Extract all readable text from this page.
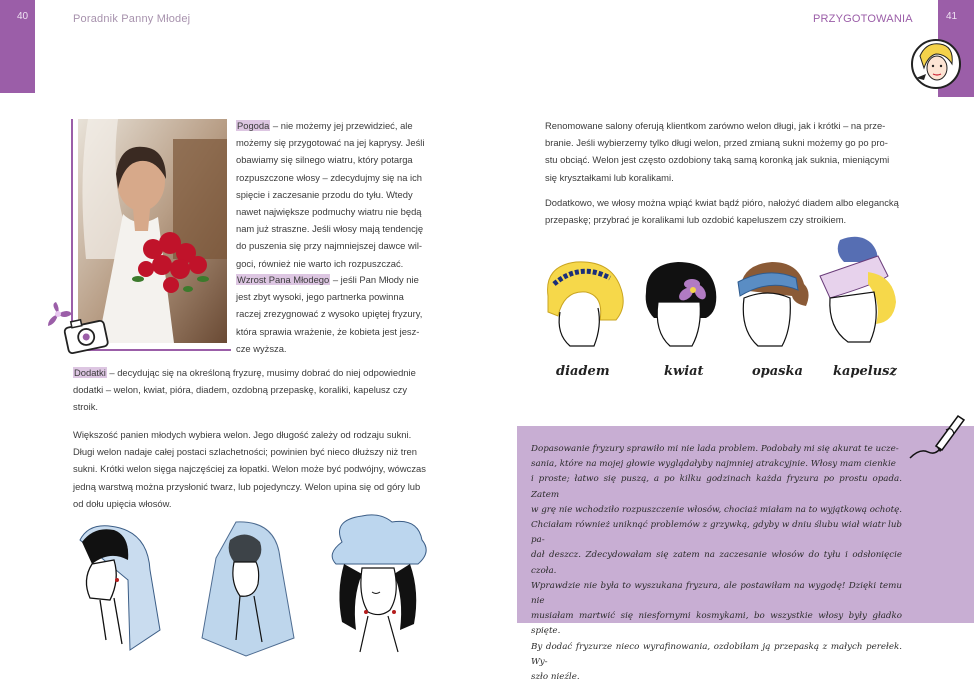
40	Poradnik Panny Młodej	PRZYGOTOWANIA	41
Pogoda – nie możemy jej przewidzieć, ale
możemy się przygotować na jej kaprysy. Jeśli
obawiamy się silnego wiatru, który potarga
rozpuszczone włosy – zdecydujmy się na ich
spięcie i zaczesanie przodu do tyłu. Wtedy
nawet największe podmuchy wiatru nie będą
nam już straszne. Jeśli włosy mają tendencję
do puszenia się przy najmniejszej dawce wil-
goci, również nie warto ich rozpuszczać.
Wzrost Pana Młodego – jeśli Pan Młody nie
jest zbyt wysoki, jego partnerka powinna
raczej zrezygnować z wysoko upiętej fryzury,
która sprawia wrażenie, że kobieta jest jesz-
cze wyższa.
Dodatki – decydując się na określoną fryzurę, musimy dobrać do niej odpowiednie
dodatki – welon, kwiat, pióra, diadem, ozdobną przepaskę, koraliki, kapelusz czy
stroik.
Większość panien młodych wybiera welon. Jego długość zależy od rodzaju sukni.
Długi welon nadaje całej postaci szlachetności; powinien być nieco dłuższy niż tren
sukni. Krótki welon sięga najczęściej za łopatki. Welon może być podwójny, wówczas
jedną warstwą można przysłonić twarz, lub pojedynczy. Welon upina się od góry lub
od dołu upięcia włosów.
Renomowane salony oferują klientkom zarówno welon długi, jak i krótki – na prze-
branie. Jeśli wybierzemy tylko długi welon, przed zmianą sukni możemy go po pro-
stu obciąć. Welon jest często ozdobiony taką samą koronką jak suknia, mieniącymi
się kryształkami lub koralikami.
Dodatkowo, we włosy można wpiąć kwiat bądź pióro, nałożyć diadem albo elegancką
przepaskę; przybrać je koralikami lub ozdobić kapeluszem czy stroikiem.
diadem	kwiat	opaska kapelusz
Dopasowanie fryzury sprawiło mi nie lada problem. Podobały mi się akurat te ucze-
sania, które na mojej głowie wyglądałyby najmniej atrakcyjnie. Włosy mam cienkie
i proste; łatwo się puszą, a po kilku godzinach każda fryzura po prostu opada. Zatem
w grę nie wchodziło rozpuszczenie włosów, chociaż miałam na to wyjątkową ochotę.
Chciałam również uniknąć problemów z grzywką, gdyby w dniu ślubu wiał wiatr lub pa-
dał deszcz. Zdecydowałam się zatem na zaczesanie włosów do tyłu i odsłonięcie czoła.
Wprawdzie nie była to wyszukana fryzura, ale postawiłam na wygodę! Dzięki temu nie
musiałam martwić się niesfornymi kosmykami, bo wszystkie włosy były gładko spięte.
By dodać fryzurze nieco wyrafinowania, ozdobiłam ją przepaską z małych perełek. Wy-
szło nieźle.
